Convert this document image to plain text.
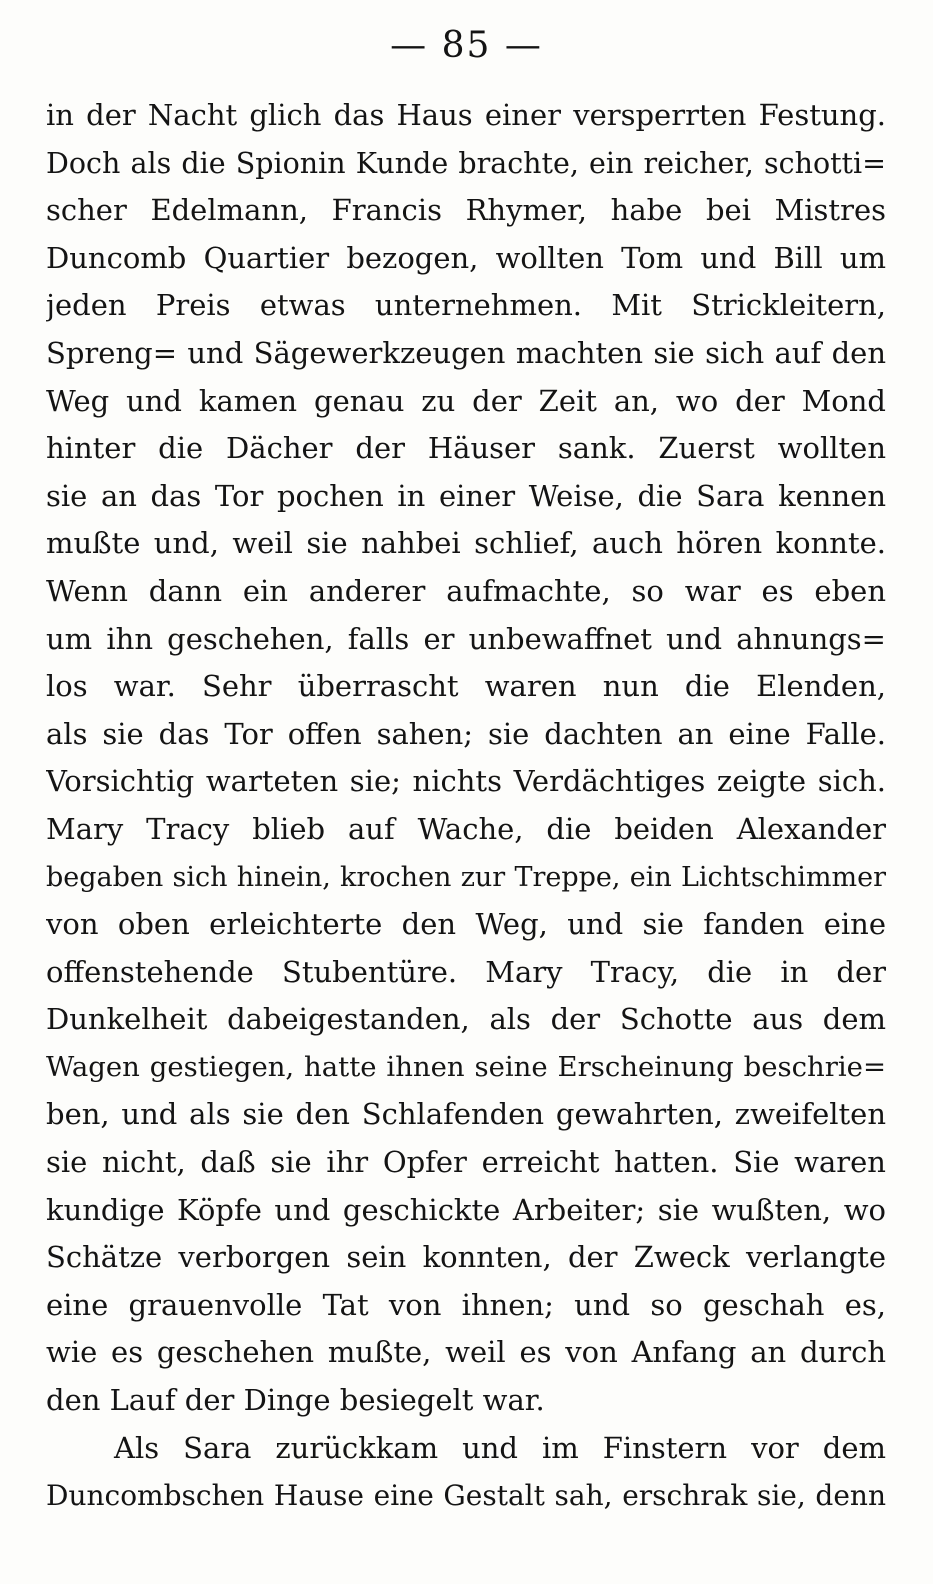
— 85 —
in der Nacht glich das Haus einer versperrten Festung.
Doch als die Spionin Kunde brachte, ein reicher, schotti=
scher Edelmann, Francis Rhymer, habe bei Mistres
Duncomb Quartier bezogen, wollten Tom und Bill um
jeden Preis etwas unternehmen. Mit Strickleitern,
Spreng= und Sägewerkzeugen machten sie sich auf den
Weg und kamen genau zu der Zeit an, wo der Mond
hinter die Dächer der Häuser sank. Zuerst wollten
sie an das Tor pochen in einer Weise, die Sara kennen
mußte und, weil sie nahbei schlief, auch hören konnte.
Wenn dann ein anderer aufmachte, so war es eben
um ihn geschehen, falls er unbewaffnet und ahnungs=
los war. Sehr überrascht waren nun die Elenden,
als sie das Tor offen sahen; sie dachten an eine Falle.
Vorsichtig warteten sie; nichts Verdächtiges zeigte sich.
Mary Tracy blieb auf Wache, die beiden Alexander
begaben sich hinein, krochen zur Treppe, ein Lichtschimmer
von oben erleichterte den Weg, und sie fanden eine
offenstehende Stubentüre. Mary Tracy, die in der
Dunkelheit dabeigestanden, als der Schotte aus dem
Wagen gestiegen, hatte ihnen seine Erscheinung beschrie=
ben, und als sie den Schlafenden gewahrten, zweifelten
sie nicht, daß sie ihr Opfer erreicht hatten. Sie waren
kundige Köpfe und geschickte Arbeiter; sie wußten, wo
Schätze verborgen sein konnten, der Zweck verlangte
eine grauenvolle Tat von ihnen; und so geschah es,
wie es geschehen mußte, weil es von Anfang an durch
den Lauf der Dinge besiegelt war.
Als Sara zurückkam und im Finstern vor dem
Duncombschen Hause eine Gestalt sah, erschrak sie, denn
